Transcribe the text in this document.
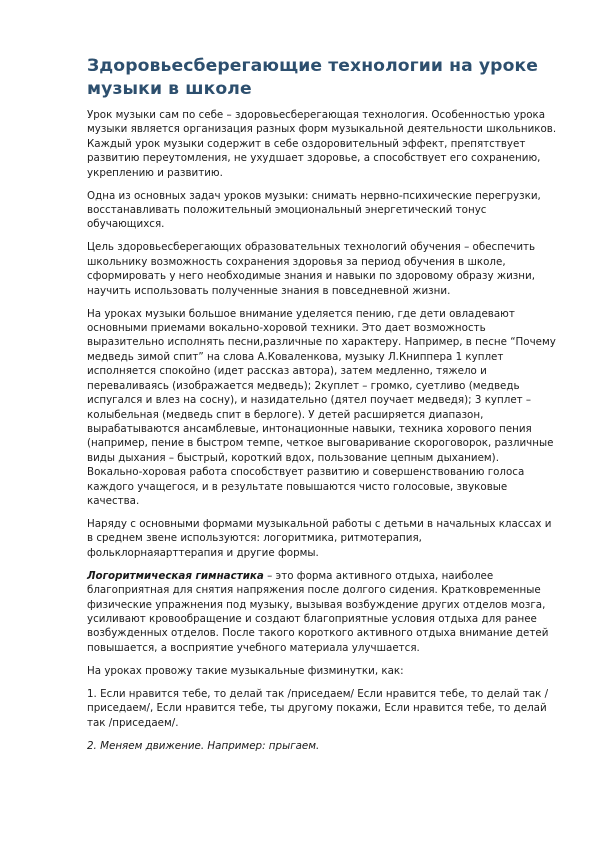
Здоровьесберегающие технологии на уроке музыки в школе

Урок музыки сам по себе – здоровьесберегающая технология. Особенностью урока музыки является организация разных форм музыкальной деятельности школьников. Каждый урок музыки содержит в себе оздоровительный эффект, препятствует развитию переутомления, не ухудшает здоровье, а способствует его сохранению, укреплению и развитию.

Одна из основных задач уроков музыки: снимать нервно-психические перегрузки, восстанавливать положительный эмоциональный энергетический тонус обучающихся.

Цель здоровьесберегающих образовательных технологий обучения – обеспечить школьнику возможность сохранения здоровья за период обучения в школе, сформировать у него необходимые знания и навыки по здоровому образу жизни, научить использовать полученные знания в повседневной жизни.

На уроках музыки большое внимание уделяется пению, где дети овладевают основными приемами вокально-хоровой техники. Это дает возможность выразительно исполнять песни,различные по характеру. Например, в песне “Почему медведь зимой спит” на слова А.Коваленкова, музыку Л.Книппера 1 куплет исполняется спокойно (идет рассказ автора), затем медленно, тяжело и переваливаясь (изображается медведь); 2куплет – громко, суетливо (медведь испугался и влез на сосну), и назидательно (дятел поучает медведя); 3 куплет – колыбельная (медведь спит в берлоге). У детей расширяется диапазон, вырабатываются ансамблевые, интонационные навыки, техника хорового пения (например, пение в быстром темпе, четкое выговаривание скороговорок, различные виды дыхания – быстрый, короткий вдох, пользование цепным дыханием). Вокально-хоровая работа способствует развитию и совершенствованию голоса каждого учащегося, и в результате повышаются чисто голосовые, звуковые качества.

Наряду с основными формами музыкальной работы с детьми в начальных классах и в среднем звене используются: логоритмика, ритмотерапия, фольклорнаяарттерапия и другие формы.

Логоритмическая гимнастика – это форма активного отдыха, наиболее благоприятная для снятия напряжения после долгого сидения. Кратковременные физические упражнения под музыку, вызывая возбуждение других отделов мозга, усиливают кровообращение и создают благоприятные условия отдыха для ранее возбужденных отделов. После такого короткого активного отдыха внимание детей повышается, а восприятие учебного материала улучшается.

На уроках провожу такие музыкальные физминутки, как:

1. Если нравится тебе, то делай так /приседаем/ Если нравится тебе, то делай так /приседаем/, Если нравится тебе, ты другому покажи, Если нравится тебе, то делай так /приседаем/.

2. Меняем движение. Например: прыгаем.
